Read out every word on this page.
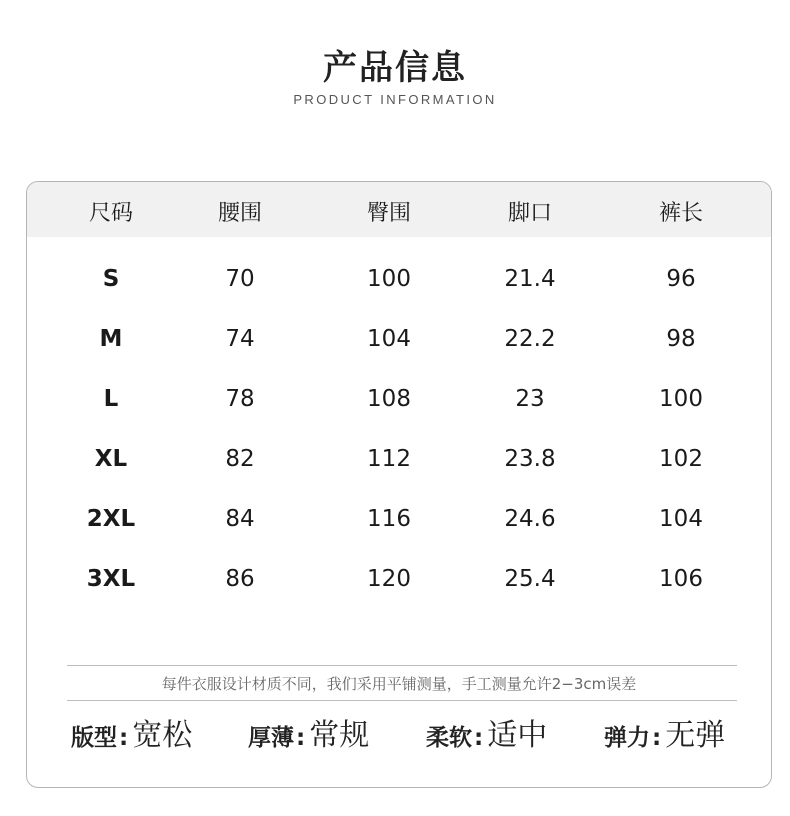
产品信息
PRODUCT INFORMATION
尺码	腰围	臀围	脚口	裤长
S	70	100	21.4	96
M	74	104	22.2	98
L	78	108	23	100
XL	82	112	23.8	102
2XL	84	116	24.6	104
3XL	86	120	25.4	106
每件衣服设计材质不同，我们采用平铺测量，手工测量允许2−3cm误差
版型: 宽松 厚薄: 常规 柔软: 适中 弹力: 无弹
